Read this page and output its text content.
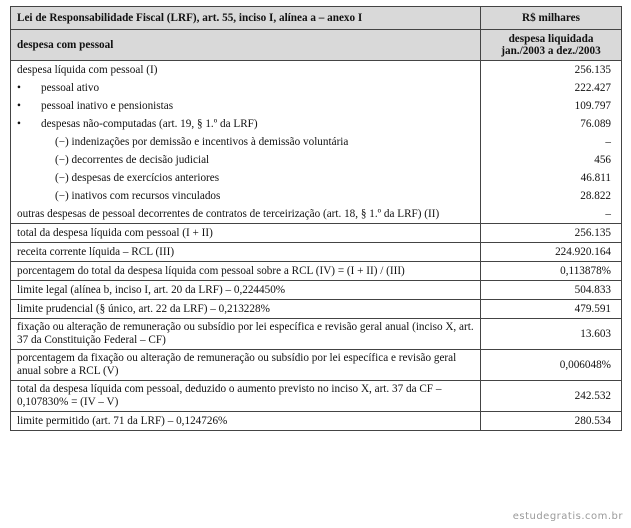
Lei de Responsabilidade Fiscal (LRF), art. 55, inciso I, alínea a – anexo I	R$ milhares
despesa com pessoal	despesa liquidada
jan./2003 a dez./2003

despesa líquida com pessoal (I)	256.135
• pessoal ativo	222.427
• pessoal inativo e pensionistas	109.797
• despesas não-computadas (art. 19, § 1.º da LRF)	76.089
(−) indenizações por demissão e incentivos à demissão voluntária	–
(−) decorrentes de decisão judicial	456
(−) despesas de exercícios anteriores	46.811
(−) inativos com recursos vinculados	28.822
outras despesas de pessoal decorrentes de contratos de terceirização (art. 18, § 1.º da LRF) (II)	–
total da despesa líquida com pessoal (I + II)	256.135
receita corrente líquida – RCL (III)	224.920.164
porcentagem do total da despesa líquida com pessoal sobre a RCL (IV) = (I + II) / (III)	0,113878%
limite legal (alínea b, inciso I, art. 20 da LRF) – 0,224450%	504.833
limite prudencial (§ único, art. 22 da LRF) – 0,213228%	479.591
fixação ou alteração de remuneração ou subsídio por lei específica e revisão geral anual (inciso X, art. 37 da Constituição Federal – CF)	13.603
porcentagem da fixação ou alteração de remuneração ou subsídio por lei específica e revisão geral anual sobre a RCL (V)	0,006048%
total da despesa líquida com pessoal, deduzido o aumento previsto no inciso X, art. 37 da CF – 0,107830% = (IV – V)	242.532
limite permitido (art. 71 da LRF) – 0,124726%	280.534
estudegratis.com.br
